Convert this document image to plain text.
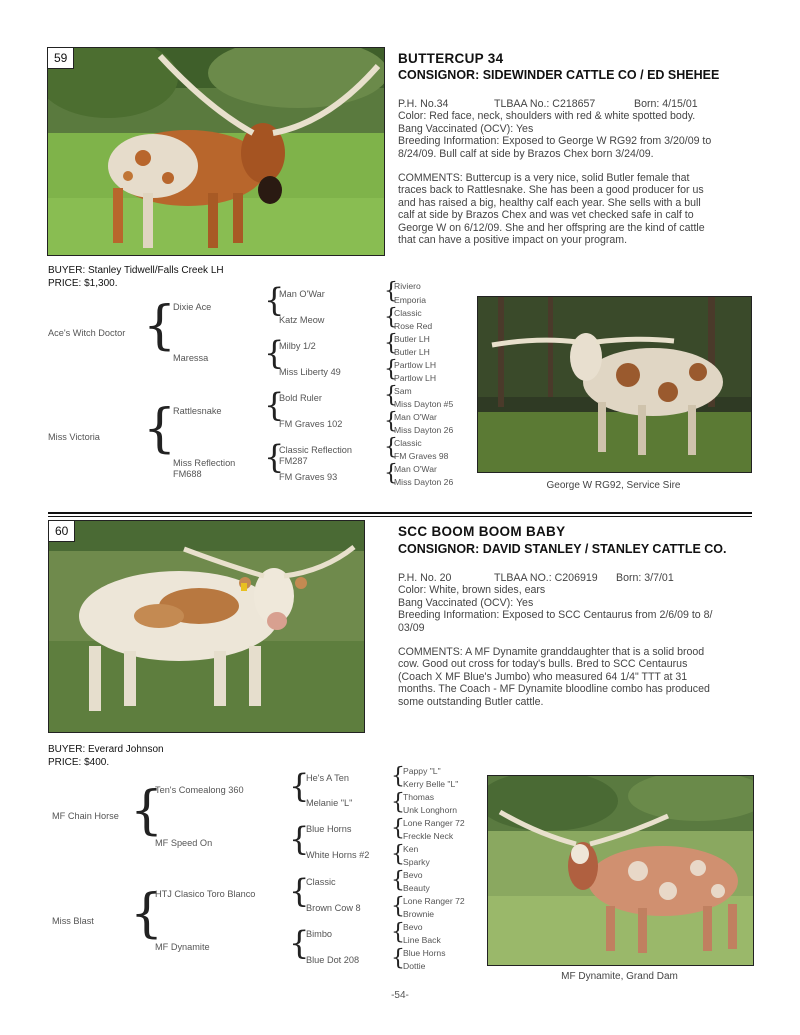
59	BUTTERCUP 34
CONSIGNOR: SIDEWINDER CATTLE CO / ED SHEHEE

P.H. No.34	TLBAA No.: C218657	Born: 4/15/01

Color: Red face, neck, shoulders with red & white spotted body.

Bang Vaccinated (OCV): Yes

Breeding Information: Exposed to George W RG92 from 3/20/09 to

8/24/09. Bull calf at side by Brazos Chex born 3/24/09.

COMMENTS: Buttercup is a very nice, solid Butler female that

traces back to Rattlesnake. She has been a good producer for us

and has raised a big, healthy calf each year. She sells with a bull

calf at side by Brazos Chex and was vet checked safe in calf to

George W on 6/12/09. She and her offspring are the kind of cattle

that can have a positive impact on your program.

BUYER: Stanley Tidwell/Falls Creek LH
PRICE: $1,300.
Ace's Witch Doctor
Miss Victoria
{
{
Dixie Ace
Maressa
Rattlesnake
Miss Reflection FM688
{
{
{
{
Man O'War
Katz Meow
Milby 1/2
Miss Liberty 49
Bold Ruler
FM Graves 102
Classic Reflection FM287
FM Graves 93
{
{
{
{
{
{
{
{
Riviero
Emporia
Classic
Rose Red
Butler LH
Butler LH
Partlow LH
Partlow LH
Sam
Miss Dayton #5
Man O'War
Miss Dayton 26
Classic
FM Graves 98
Man O'War
Miss Dayton 26	George W RG92, Service Sire
60	SCC BOOM BOOM BABY
CONSIGNOR: DAVID STANLEY / STANLEY CATTLE CO.

P.H. No. 20	TLBAA NO.: C206919 Born: 3/7/01

Color: White, brown sides, ears

Bang Vaccinated (OCV): Yes

Breeding Information: Exposed to SCC Centaurus from 2/6/09 to 8/

03/09

COMMENTS: A MF Dynamite granddaughter that is a solid brood

cow. Good out cross for today's bulls. Bred to SCC Centaurus

(Coach X MF Blue's Jumbo) who measured 64 1/4" TTT at 31

months. The Coach - MF Dynamite bloodline combo has produced

some outstanding Butler cattle.

BUYER: Everard Johnson
PRICE: $400.
MF Chain Horse
Miss Blast
{
{
Ten's Comealong 360
MF Speed On
HTJ Clasico Toro Blanco
MF Dynamite
{
{
{
{
He's A Ten
Melanie "L"
Blue Horns
White Horns #2
Classic
Brown Cow 8
Bimbo
Blue Dot 208
{
{
{
{
{
{
{
{
Pappy "L"
Kerry Belle "L"
Thomas
Unk Longhorn
Lone Ranger 72
Freckle Neck
Ken
Sparky
Bevo
Beauty
Lone Ranger 72
Brownie
Bevo
Line Back
Blue Horns
Dottie
MF Dynamite, Grand Dam
-54-
